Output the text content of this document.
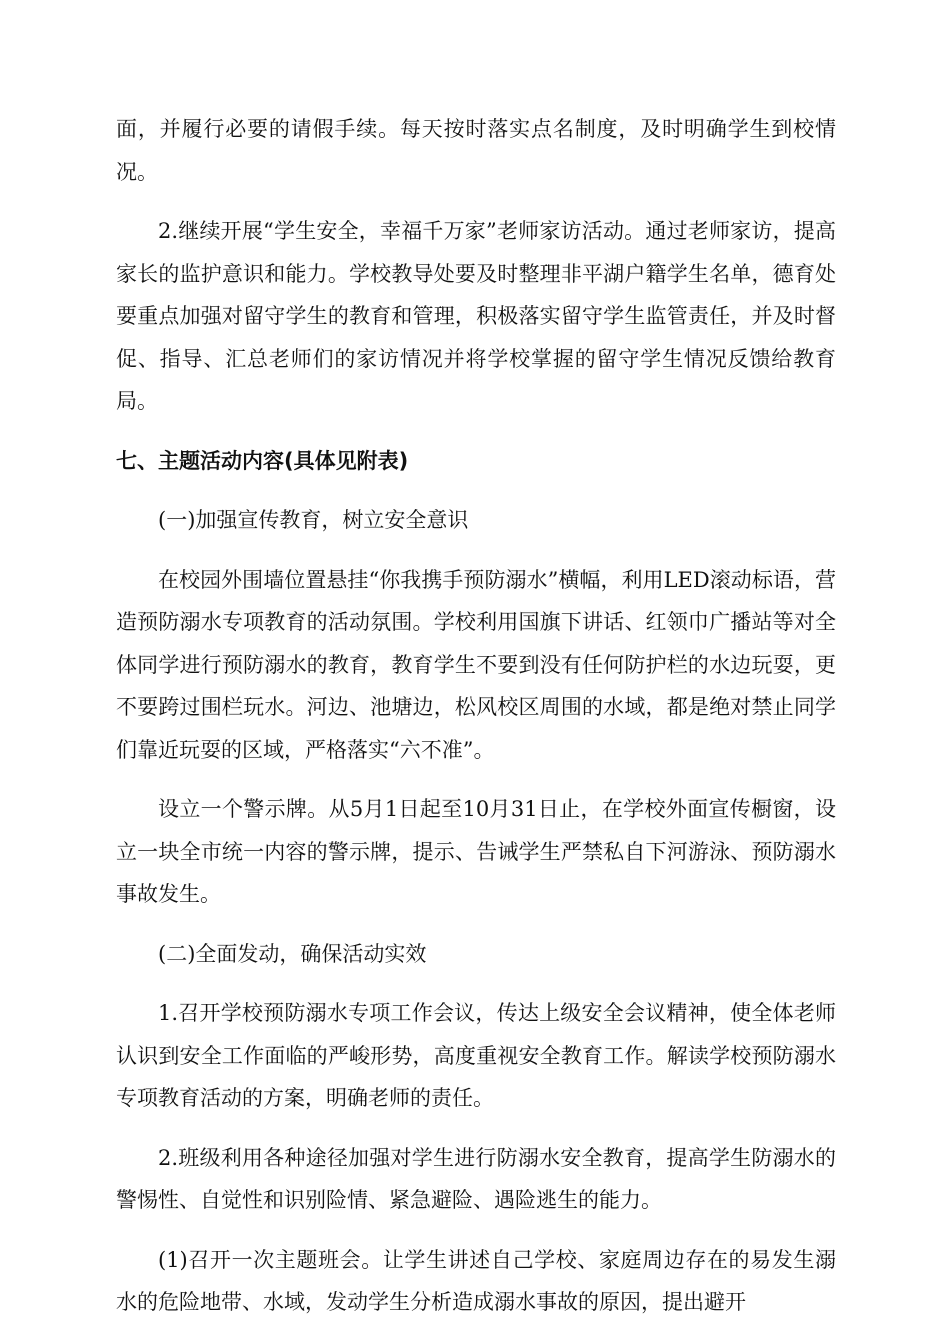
面，并履行必要的请假手续。每天按时落实点名制度，及时明确学生到校情况。

2.继续开展“学生安全，幸福千万家”老师家访活动。通过老师家访，提高家长的监护意识和能力。学校教导处要及时整理非平湖户籍学生名单，德育处要重点加强对留守学生的教育和管理，积极落实留守学生监管责任，并及时督促、指导、汇总老师们的家访情况并将学校掌握的留守学生情况反馈给教育局。

七、主题活动内容(具体见附表)

(一)加强宣传教育，树立安全意识

在校园外围墙位置悬挂“你我携手预防溺水”横幅，利用LED滚动标语，营造预防溺水专项教育的活动氛围。学校利用国旗下讲话、红领巾广播站等对全体同学进行预防溺水的教育，教育学生不要到没有任何防护栏的水边玩耍，更不要跨过围栏玩水。河边、池塘边，松风校区周围的水域，都是绝对禁止同学们靠近玩耍的区域，严格落实“六不准”。

设立一个警示牌。从5月1日起至10月31日止，在学校外面宣传橱窗，设立一块全市统一内容的警示牌，提示、告诫学生严禁私自下河游泳、预防溺水事故发生。

(二)全面发动，确保活动实效

1.召开学校预防溺水专项工作会议，传达上级安全会议精神，使全体老师认识到安全工作面临的严峻形势，高度重视安全教育工作。解读学校预防溺水专项教育活动的方案，明确老师的责任。

2.班级利用各种途径加强对学生进行防溺水安全教育，提高学生防溺水的警惕性、自觉性和识别险情、紧急避险、遇险逃生的能力。

(1)召开一次主题班会。让学生讲述自己学校、家庭周边存在的易发生溺水的危险地带、水域，发动学生分析造成溺水事故的原因，提出避开
